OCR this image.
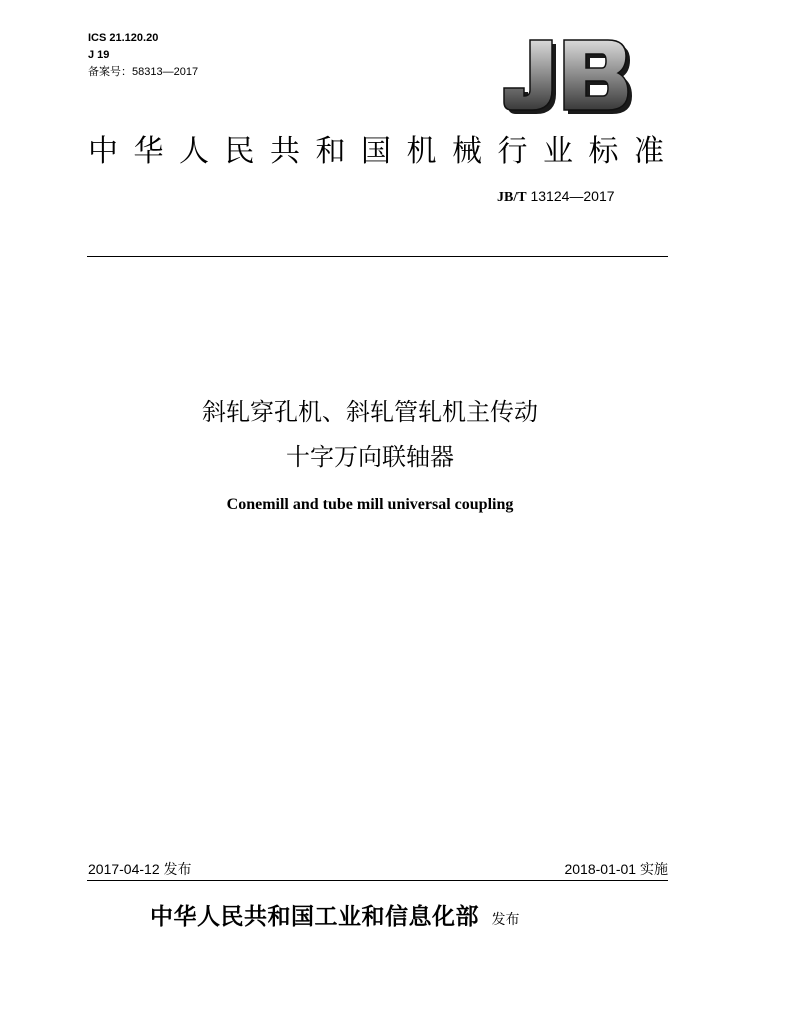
ICS 21.120.20
J 19
备案号：58313—2017
中华人民共和国机械行业标准
JB/T 13124—2017
斜轧穿孔机、斜轧管轧机主传动
十字万向联轴器
Conemill and tube mill universal coupling
2017-04-12 发布	2018-01-01 实施
中华人民共和国工业和信息化部 发布
